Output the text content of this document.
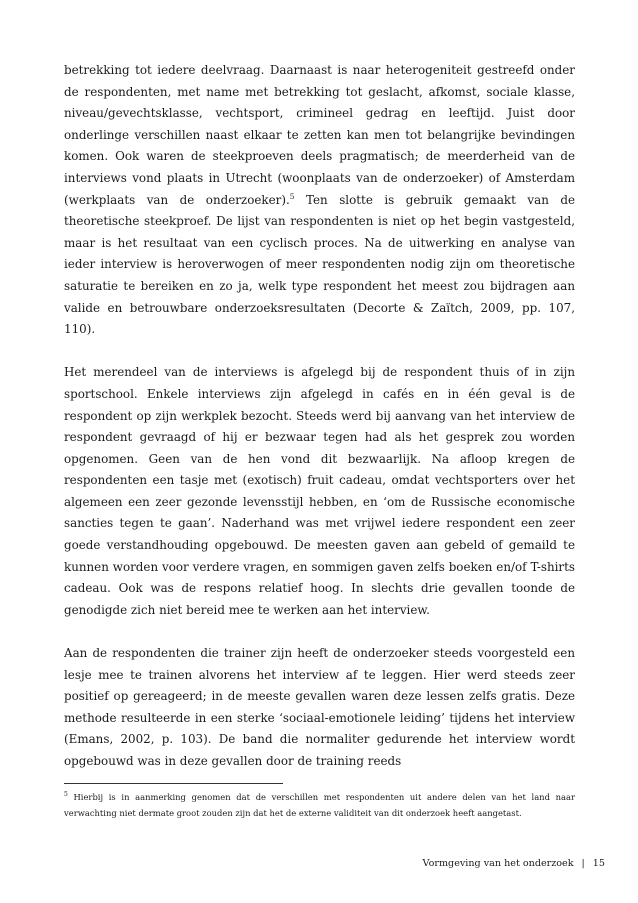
betrekking tot iedere deelvraag. Daarnaast is naar heterogeniteit gestreefd onder de respondenten, met name met betrekking tot geslacht, afkomst, sociale klasse, niveau/gevechtsklasse, vechtsport, crimineel gedrag en leeftijd. Juist door onderlinge verschillen naast elkaar te zetten kan men tot belangrijke bevindingen komen. Ook waren de steekproeven deels pragmatisch; de meerderheid van de interviews vond plaats in Utrecht (woonplaats van de onderzoeker) of Amsterdam (werkplaats van de onderzoeker).$^5$ Ten slotte is gebruik gemaakt van de theoretische steekproef. De lijst van respondenten is niet op het begin vastgesteld, maar is het resultaat van een cyclisch proces. Na de uitwerking en analyse van ieder interview is heroverwogen of meer respondenten nodig zijn om theoretische saturatie te bereiken en zo ja, welk type respondent het meest zou bijdragen aan valide en betrouwbare onderzoeksresultaten (Decorte & Zaïtch, 2009, pp. 107, 110).

Het merendeel van de interviews is afgelegd bij de respondent thuis of in zijn sportschool. Enkele interviews zijn afgelegd in cafés en in één geval is de respondent op zijn werkplek bezocht. Steeds werd bij aanvang van het interview de respondent gevraagd of hij er bezwaar tegen had als het gesprek zou worden opgenomen. Geen van de hen vond dit bezwaarlijk. Na afloop kregen de respondenten een tasje met (exotisch) fruit cadeau, omdat vechtsporters over het algemeen een zeer gezonde levensstijl hebben, en ‘om de Russische economische sancties tegen te gaan’. Naderhand was met vrijwel iedere respondent een zeer goede verstandhouding opgebouwd. De meesten gaven aan gebeld of gemaild te kunnen worden voor verdere vragen, en sommigen gaven zelfs boeken en/of T-shirts cadeau. Ook was de respons relatief hoog. In slechts drie gevallen toonde de genodigde zich niet bereid mee te werken aan het interview.

Aan de respondenten die trainer zijn heeft de onderzoeker steeds voorgesteld een lesje mee te trainen alvorens het interview af te leggen. Hier werd steeds zeer positief op gereageerd; in de meeste gevallen waren deze lessen zelfs gratis. Deze methode resulteerde in een sterke ‘sociaal-emotionele leiding’ tijdens het interview (Emans, 2002, p. 103). De band die normaliter gedurende het interview wordt opgebouwd was in deze gevallen door de training reeds

$^5$ Hierbij is in aanmerking genomen dat de verschillen met respondenten uit andere delen van het land naar verwachting niet dermate groot zouden zijn dat het de externe validiteit van dit onderzoek heeft aangetast.

Vormgeving van het onderzoek | 15
